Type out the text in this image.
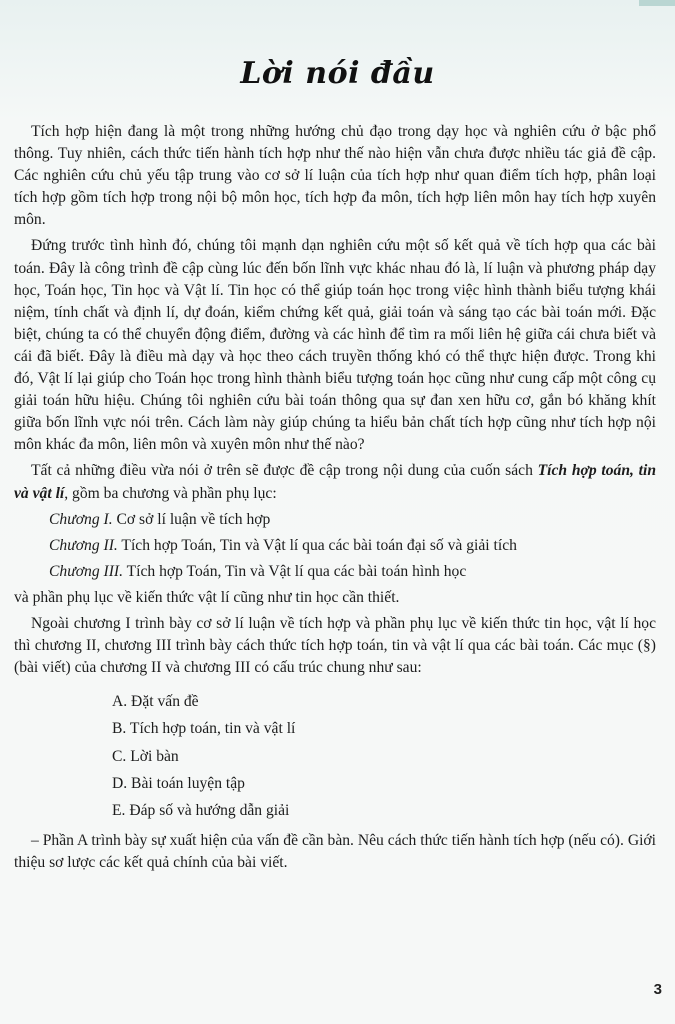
Lời nói đầu

Tích hợp hiện đang là một trong những hướng chủ đạo trong dạy học và nghiên cứu ở bậc phổ thông. Tuy nhiên, cách thức tiến hành tích hợp như thế nào hiện vẫn chưa được nhiều tác giả đề cập. Các nghiên cứu chủ yếu tập trung vào cơ sở lí luận của tích hợp như quan điểm tích hợp, phân loại tích hợp gồm tích hợp trong nội bộ môn học, tích hợp đa môn, tích hợp liên môn hay tích hợp xuyên môn.

Đứng trước tình hình đó, chúng tôi mạnh dạn nghiên cứu một số kết quả về tích hợp qua các bài toán. Đây là công trình đề cập cùng lúc đến bốn lĩnh vực khác nhau đó là, lí luận và phương pháp dạy học, Toán học, Tin học và Vật lí. Tin học có thể giúp toán học trong việc hình thành biểu tượng khái niệm, tính chất và định lí, dự đoán, kiểm chứng kết quả, giải toán và sáng tạo các bài toán mới. Đặc biệt, chúng ta có thể chuyển động điểm, đường và các hình để tìm ra mối liên hệ giữa cái chưa biết và cái đã biết. Đây là điều mà dạy và học theo cách truyền thống khó có thể thực hiện được. Trong khi đó, Vật lí lại giúp cho Toán học trong hình thành biểu tượng toán học cũng như cung cấp một công cụ giải toán hữu hiệu. Chúng tôi nghiên cứu bài toán thông qua sự đan xen hữu cơ, gắn bó khăng khít giữa bốn lĩnh vực nói trên. Cách làm này giúp chúng ta hiểu bản chất tích hợp cũng như tích hợp nội môn khác đa môn, liên môn và xuyên môn như thế nào?

Tất cả những điều vừa nói ở trên sẽ được đề cập trong nội dung của cuốn sách Tích hợp toán, tin và vật lí, gồm ba chương và phần phụ lục:

Chương I. Cơ sở lí luận về tích hợp
Chương II. Tích hợp Toán, Tin và Vật lí qua các bài toán đại số và giải tích
Chương III. Tích hợp Toán, Tin và Vật lí qua các bài toán hình học

và phần phụ lục về kiến thức vật lí cũng như tin học cần thiết.

Ngoài chương I trình bày cơ sở lí luận về tích hợp và phần phụ lục về kiến thức tin học, vật lí học thì chương II, chương III trình bày cách thức tích hợp toán, tin và vật lí qua các bài toán. Các mục (§) (bài viết) của chương II và chương III có cấu trúc chung như sau:

A. Đặt vấn đề
B. Tích hợp toán, tin và vật lí
C. Lời bàn
D. Bài toán luyện tập
E. Đáp số và hướng dẫn giải

– Phần A trình bày sự xuất hiện của vấn đề cần bàn. Nêu cách thức tiến hành tích hợp (nếu có). Giới thiệu sơ lược các kết quả chính của bài viết.

3
